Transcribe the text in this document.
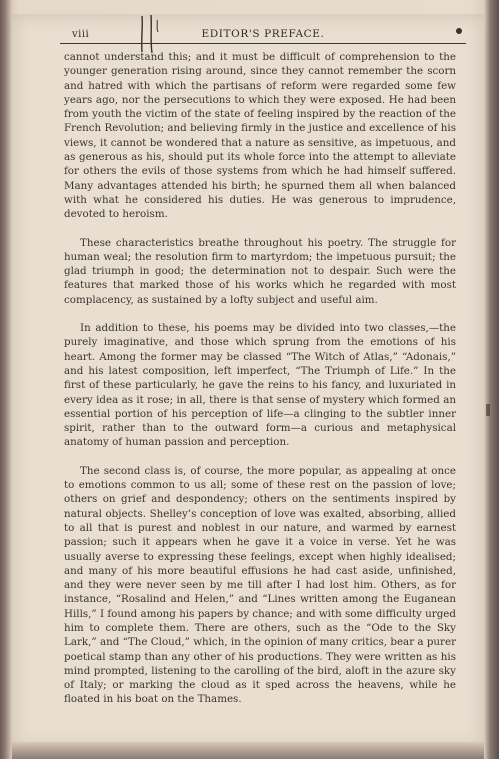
viii	EDITOR'S PREFACE.

cannot understand this; and it must be difficult of comprehension to the younger generation rising around, since they cannot remember the scorn and hatred with which the partisans of reform were regarded some few years ago, nor the persecutions to which they were exposed. He had been from youth the victim of the state of feeling inspired by the reaction of the French Revolution; and believing firmly in the justice and excellence of his views, it cannot be wondered that a nature as sensitive, as impetuous, and as generous as his, should put its whole force into the attempt to alleviate for others the evils of those systems from which he had himself suffered. Many advantages attended his birth; he spurned them all when balanced with what he considered his duties. He was generous to imprudence, devoted to heroism.

These characteristics breathe throughout his poetry. The struggle for human weal; the resolution firm to martyrdom; the impetuous pursuit; the glad triumph in good; the determination not to despair. Such were the features that marked those of his works which he regarded with most complacency, as sustained by a lofty subject and useful aim.

In addition to these, his poems may be divided into two classes,—the purely imaginative, and those which sprung from the emotions of his heart. Among the former may be classed “The Witch of Atlas,” “Adonais,” and his latest composition, left imperfect, “The Triumph of Life.” In the first of these particularly, he gave the reins to his fancy, and luxuriated in every idea as it rose; in all, there is that sense of mystery which formed an essential portion of his perception of life—a clinging to the subtler inner spirit, rather than to the outward form—a curious and metaphysical anatomy of human passion and perception.

The second class is, of course, the more popular, as appealing at once to emotions common to us all; some of these rest on the passion of love; others on grief and despondency; others on the sentiments inspired by natural objects. Shelley’s conception of love was exalted, absorbing, allied to all that is purest and noblest in our nature, and warmed by earnest passion; such it appears when he gave it a voice in verse. Yet he was usually averse to expressing these feelings, except when highly idealised; and many of his more beautiful effusions he had cast aside, unfinished, and they were never seen by me till after I had lost him. Others, as for instance, “Rosalind and Helen,” and “Lines written among the Euganean Hills,” I found among his papers by chance; and with some difficulty urged him to complete them. There are others, such as the “Ode to the Sky Lark,” and “The Cloud,” which, in the opinion of many critics, bear a purer poetical stamp than any other of his productions. They were written as his mind prompted, listening to the carolling of the bird, aloft in the azure sky of Italy; or marking the cloud as it sped across the heavens, while he floated in his boat on the Thames.
